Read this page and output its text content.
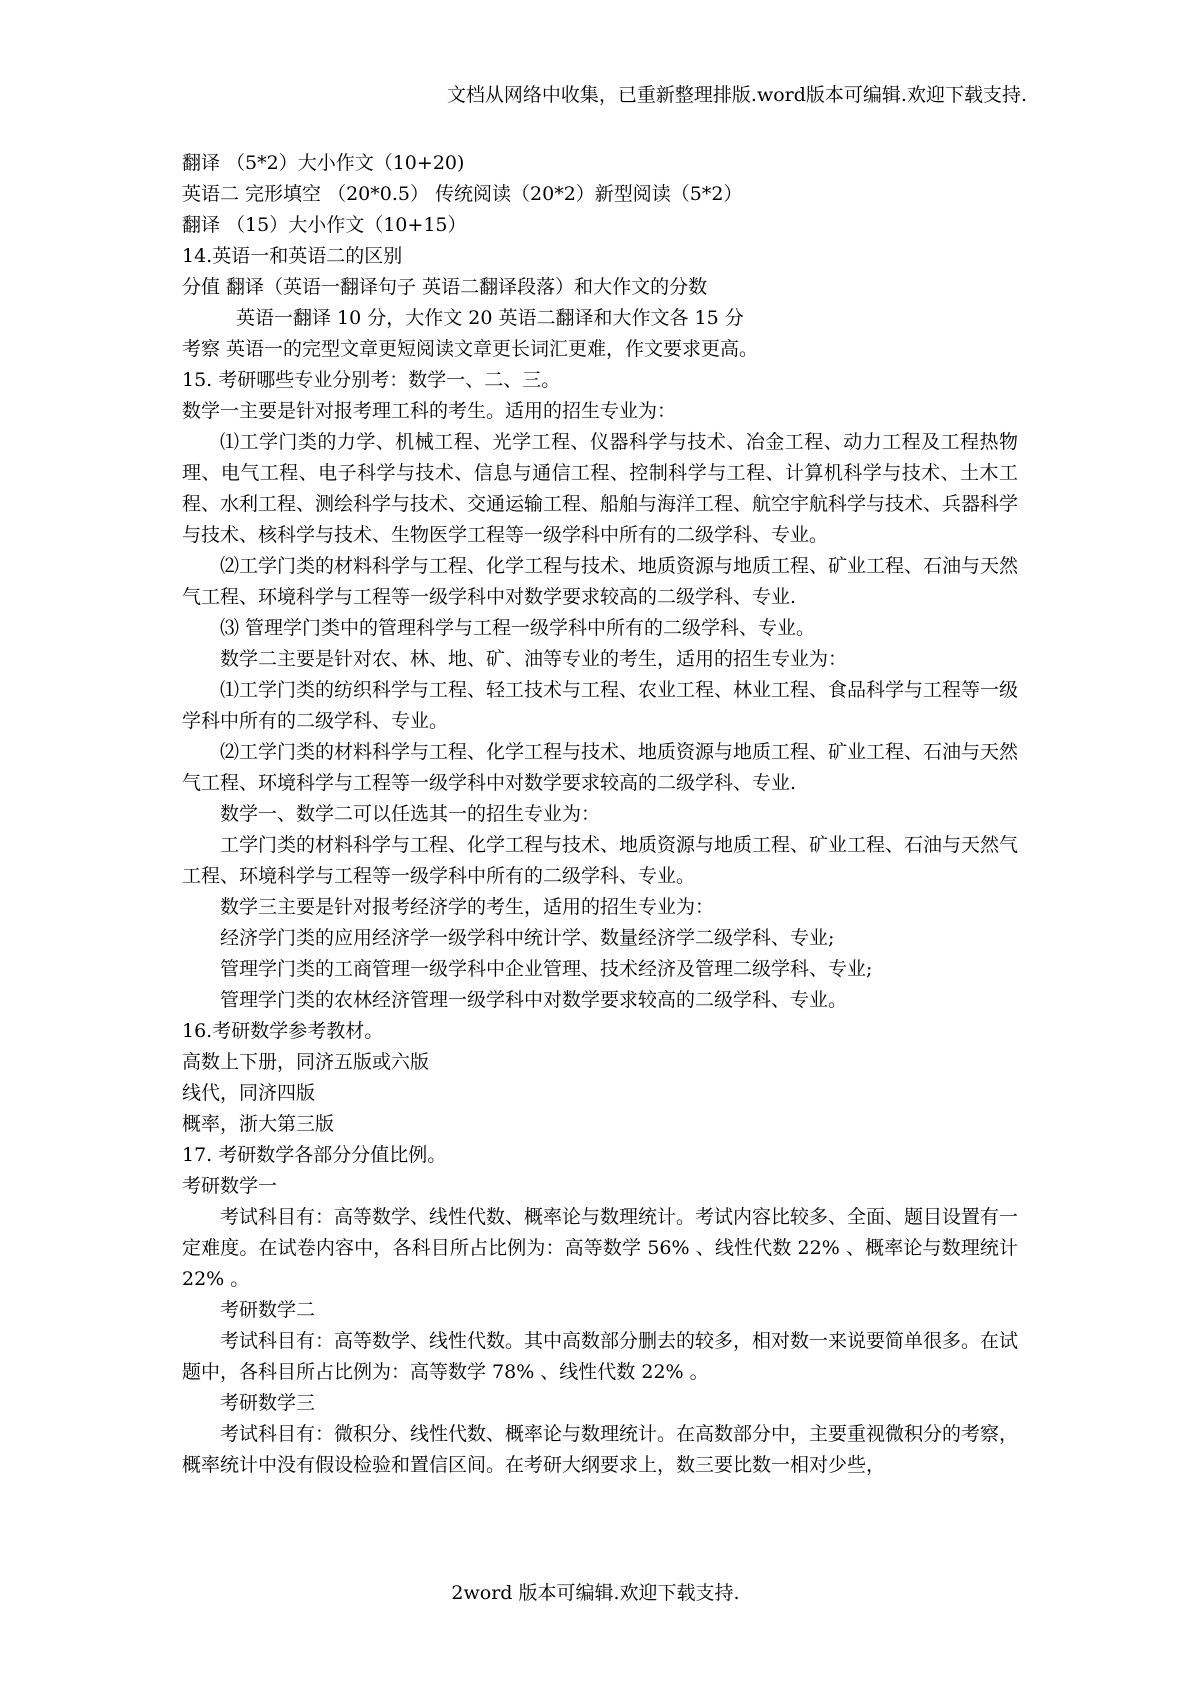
文档从网络中收集，已重新整理排版.word版本可编辑.欢迎下载支持.

翻译 （5*2）大小作文（10+20)

英语二 完形填空 （20*0.5） 传统阅读（20*2）新型阅读（5*2）

翻译 （15）大小作文（10+15）

14.英语一和英语二的区别

分值 翻译（英语一翻译句子 英语二翻译段落）和大作文的分数

英语一翻译 10 分，大作文 20 英语二翻译和大作文各 15 分

考察 英语一的完型文章更短阅读文章更长词汇更难，作文要求更高。

15. 考研哪些专业分别考：数学一、二、三。

数学一主要是针对报考理工科的考生。适用的招生专业为：

⑴工学门类的力学、机械工程、光学工程、仪器科学与技术、冶金工程、动力工程及工程热物理、电气工程、电子科学与技术、信息与通信工程、控制科学与工程、计算机科学与技术、土木工程、水利工程、测绘科学与技术、交通运输工程、船舶与海洋工程、航空宇航科学与技术、兵器科学与技术、核科学与技术、生物医学工程等一级学科中所有的二级学科、专业。

⑵工学门类的材料科学与工程、化学工程与技术、地质资源与地质工程、矿业工程、石油与天然气工程、环境科学与工程等一级学科中对数学要求较高的二级学科、专业.

⑶ 管理学门类中的管理科学与工程一级学科中所有的二级学科、专业。

数学二主要是针对农、林、地、矿、油等专业的考生，适用的招生专业为：

⑴工学门类的纺织科学与工程、轻工技术与工程、农业工程、林业工程、食品科学与工程等一级学科中所有的二级学科、专业。

⑵工学门类的材料科学与工程、化学工程与技术、地质资源与地质工程、矿业工程、石油与天然气工程、环境科学与工程等一级学科中对数学要求较高的二级学科、专业.

数学一、数学二可以任选其一的招生专业为：

工学门类的材料科学与工程、化学工程与技术、地质资源与地质工程、矿业工程、石油与天然气工程、环境科学与工程等一级学科中所有的二级学科、专业。

数学三主要是针对报考经济学的考生，适用的招生专业为：

经济学门类的应用经济学一级学科中统计学、数量经济学二级学科、专业;

管理学门类的工商管理一级学科中企业管理、技术经济及管理二级学科、专业;

管理学门类的农林经济管理一级学科中对数学要求较高的二级学科、专业。

16.考研数学参考教材。

高数上下册，同济五版或六版

线代，同济四版

概率，浙大第三版

17. 考研数学各部分分值比例。

考研数学一

考试科目有：高等数学、线性代数、概率论与数理统计。考试内容比较多、全面、题目设置有一定难度。在试卷内容中，各科目所占比例为：高等数学 56% 、线性代数 22% 、概率论与数理统计 22% 。

考研数学二

考试科目有：高等数学、线性代数。其中高数部分删去的较多，相对数一来说要简单很多。在试题中，各科目所占比例为：高等数学 78% 、线性代数 22% 。

考研数学三

考试科目有：微积分、线性代数、概率论与数理统计。在高数部分中，主要重视微积分的考察，概率统计中没有假设检验和置信区间。在考研大纲要求上，数三要比数一相对少些，

2word 版本可编辑.欢迎下载支持.
